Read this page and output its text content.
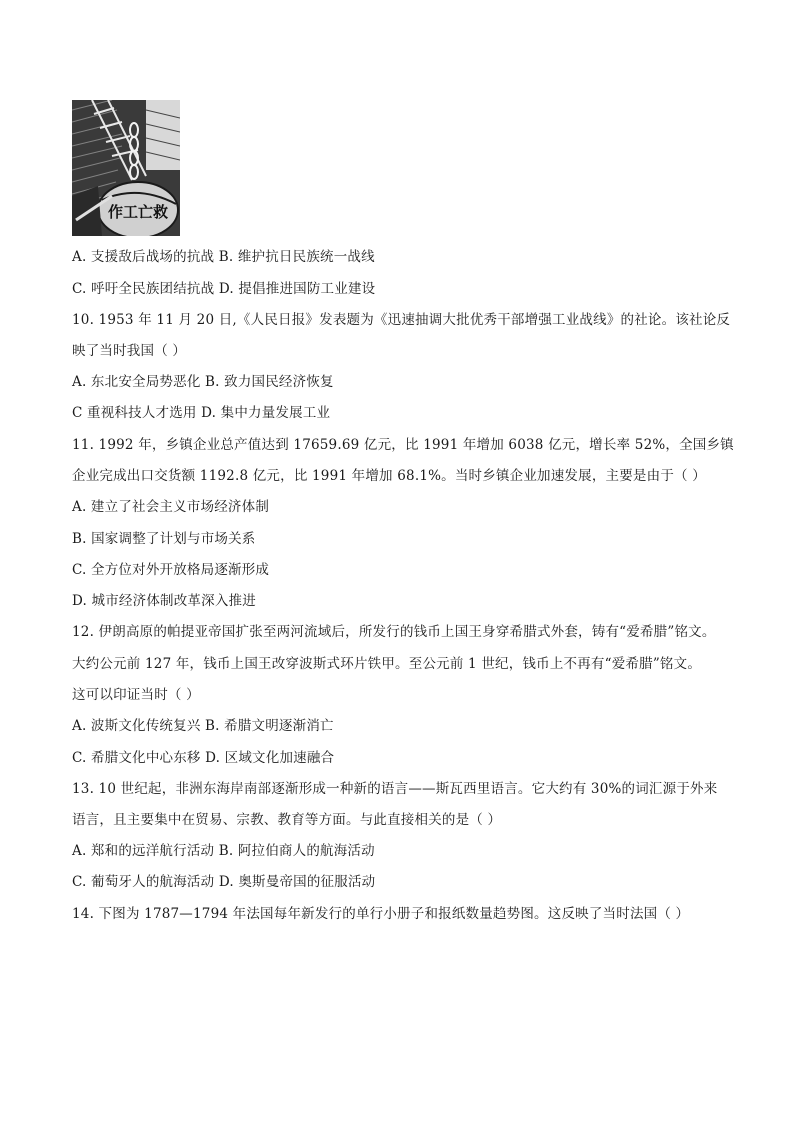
作工亡救
A. 支援敌后战场的抗战 B. 维护抗日民族统一战线
C. 呼吁全民族团结抗战 D. 提倡推进国防工业建设
10. 1953 年 11 月 20 日,《人民日报》发表题为《迅速抽调大批优秀干部增强工业战线》的社论。该社论反
映了当时我国（ ）
A. 东北安全局势恶化 B. 致力国民经济恢复
C 重视科技人才选用 D. 集中力量发展工业
11. 1992 年，乡镇企业总产值达到 17659.69 亿元，比 1991 年增加 6038 亿元，增长率 52%，全国乡镇
企业完成出口交货额 1192.8 亿元，比 1991 年增加 68.1%。当时乡镇企业加速发展，主要是由于（ ）
A. 建立了社会主义市场经济体制
B. 国家调整了计划与市场关系
C. 全方位对外开放格局逐渐形成
D. 城市经济体制改革深入推进
12. 伊朗高原的帕提亚帝国扩张至两河流域后，所发行的钱币上国王身穿希腊式外套，铸有“爱希腊”铭文。
大约公元前 127 年，钱币上国王改穿波斯式环片铁甲。至公元前 1 世纪，钱币上不再有“爱希腊”铭文。
这可以印证当时（ ）
A. 波斯文化传统复兴 B. 希腊文明逐渐消亡
C. 希腊文化中心东移 D. 区域文化加速融合
13. 10 世纪起，非洲东海岸南部逐渐形成一种新的语言——斯瓦西里语言。它大约有 30%的词汇源于外来
语言，且主要集中在贸易、宗教、教育等方面。与此直接相关的是（ ）
A. 郑和的远洋航行活动 B. 阿拉伯商人的航海活动
C. 葡萄牙人的航海活动 D. 奥斯曼帝国的征服活动
14. 下图为 1787—1794 年法国每年新发行的单行小册子和报纸数量趋势图。这反映了当时法国（ ）
